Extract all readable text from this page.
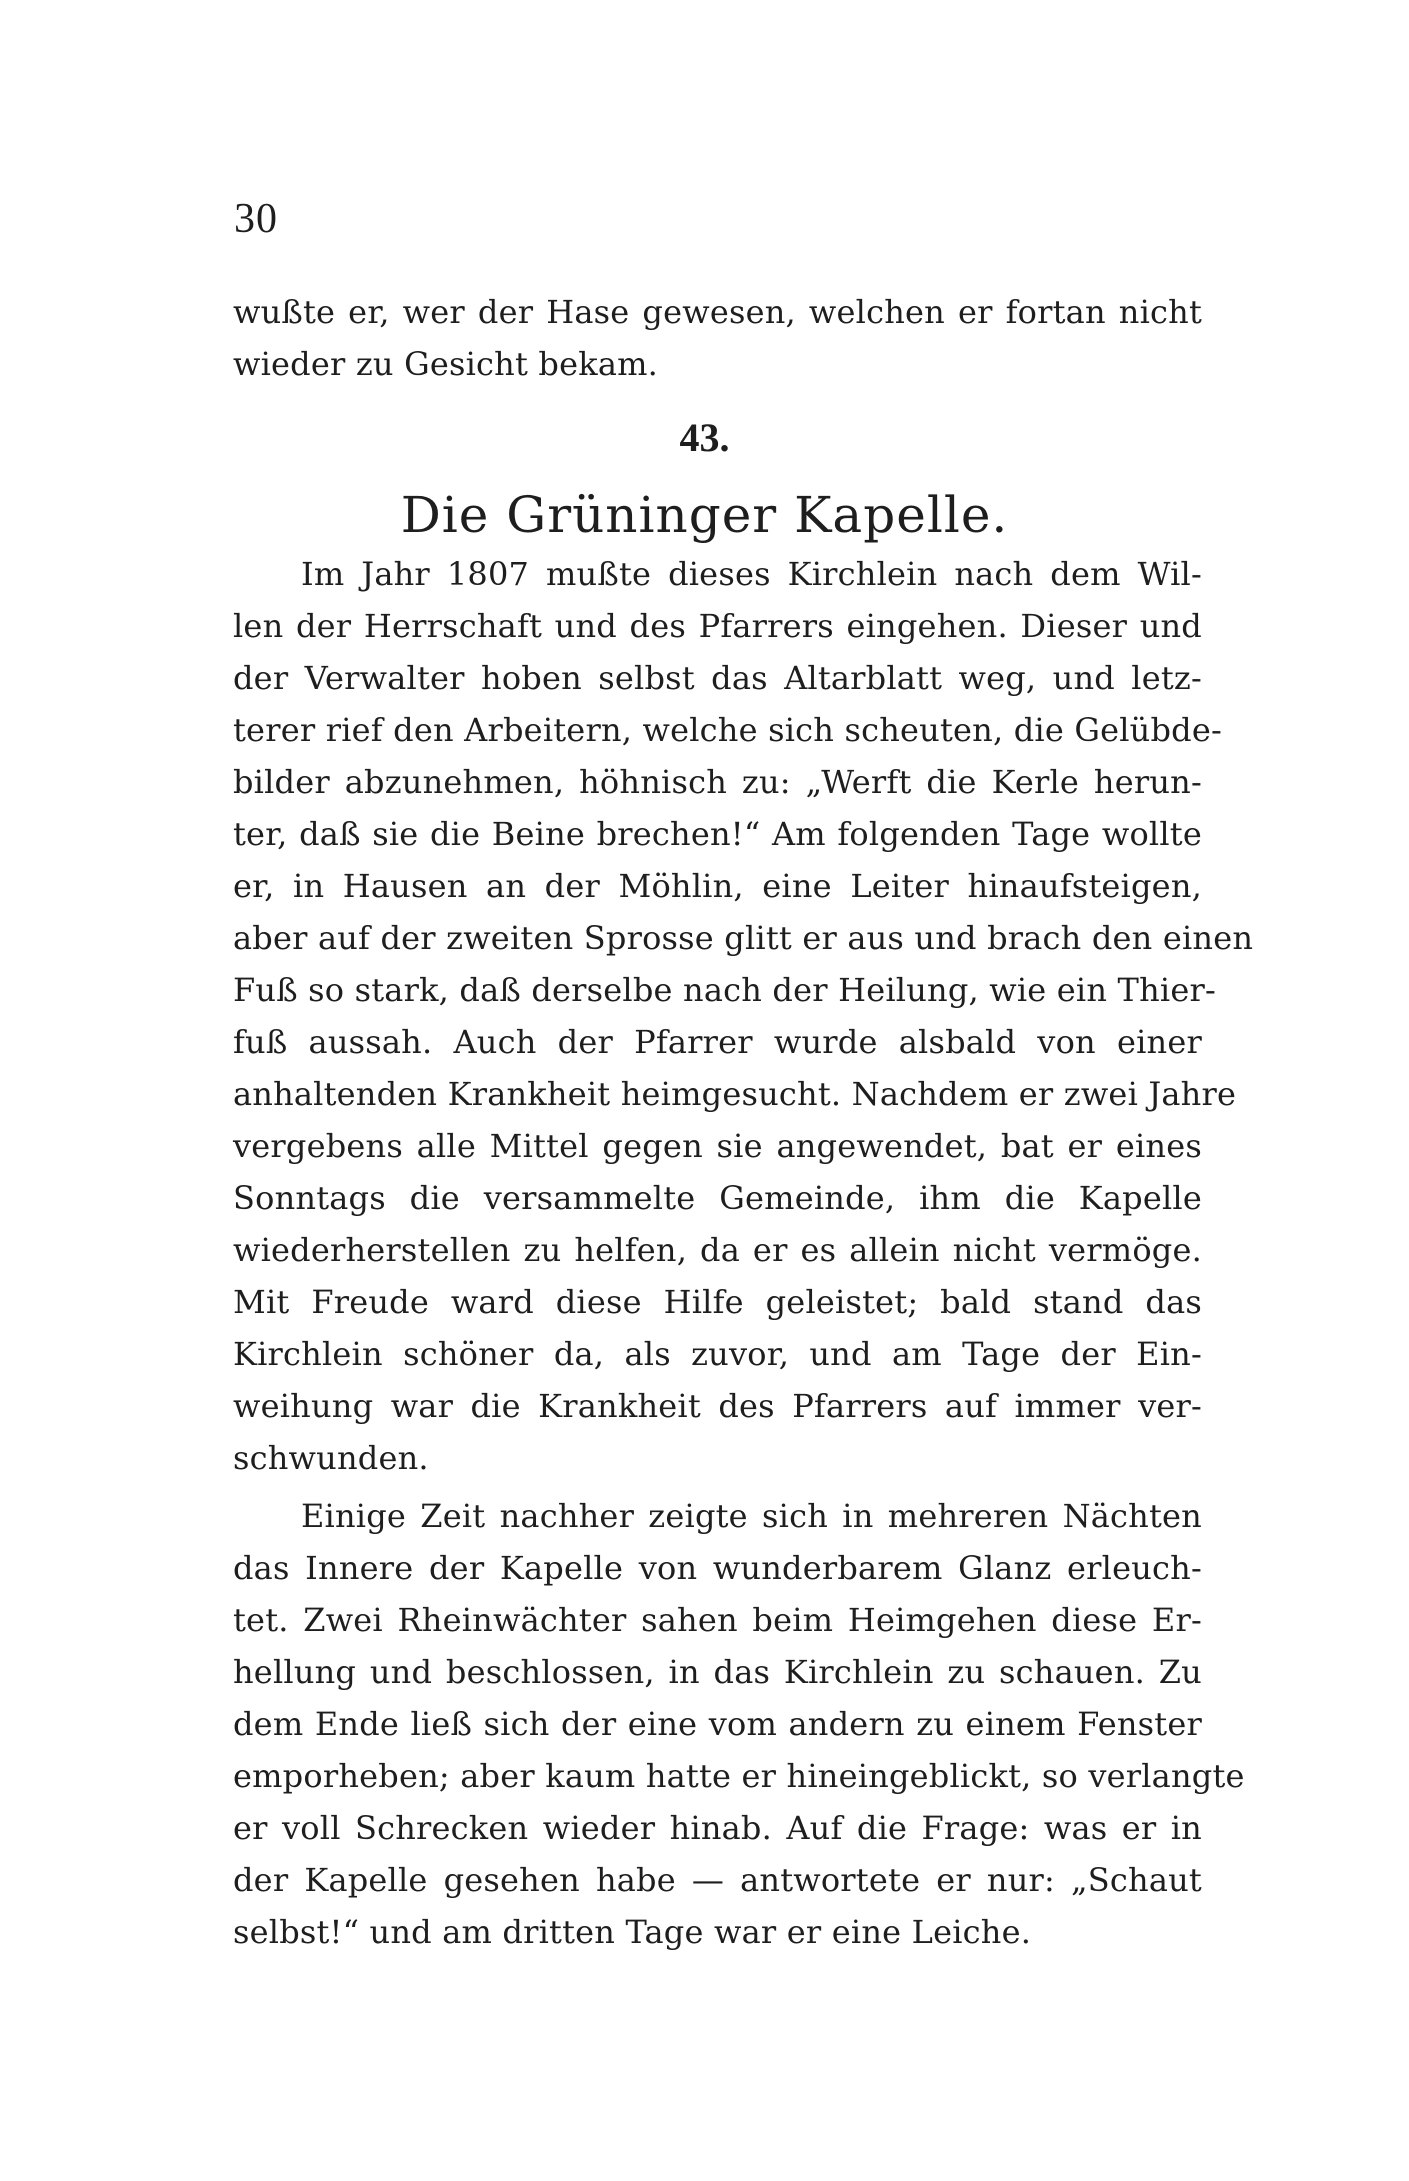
30
wußte er, wer der Hase gewesen, welchen er fortan nicht
wieder zu Gesicht bekam.
43.
Die Grüninger Kapelle.
Im Jahr 1807 mußte dieses Kirchlein nach dem Wil-
len der Herrschaft und des Pfarrers eingehen. Dieser und
der Verwalter hoben selbst das Altarblatt weg, und letz-
terer rief den Arbeitern, welche sich scheuten, die Gelübde-
bilder abzunehmen, höhnisch zu: „Werft die Kerle herun-
ter, daß sie die Beine brechen!“ Am folgenden Tage wollte
er, in Hausen an der Möhlin, eine Leiter hinaufsteigen,
aber auf der zweiten Sprosse glitt er aus und brach den einen
Fuß so stark, daß derselbe nach der Heilung, wie ein Thier-
fuß aussah. Auch der Pfarrer wurde alsbald von einer
anhaltenden Krankheit heimgesucht. Nachdem er zwei Jahre
vergebens alle Mittel gegen sie angewendet, bat er eines
Sonntags die versammelte Gemeinde, ihm die Kapelle
wiederherstellen zu helfen, da er es allein nicht vermöge.
Mit Freude ward diese Hilfe geleistet; bald stand das
Kirchlein schöner da, als zuvor, und am Tage der Ein-
weihung war die Krankheit des Pfarrers auf immer ver-
schwunden.
Einige Zeit nachher zeigte sich in mehreren Nächten
das Innere der Kapelle von wunderbarem Glanz erleuch-
tet. Zwei Rheinwächter sahen beim Heimgehen diese Er-
hellung und beschlossen, in das Kirchlein zu schauen. Zu
dem Ende ließ sich der eine vom andern zu einem Fenster
emporheben; aber kaum hatte er hineingeblickt, so verlangte
er voll Schrecken wieder hinab. Auf die Frage: was er in
der Kapelle gesehen habe — antwortete er nur: „Schaut
selbst!“ und am dritten Tage war er eine Leiche.
